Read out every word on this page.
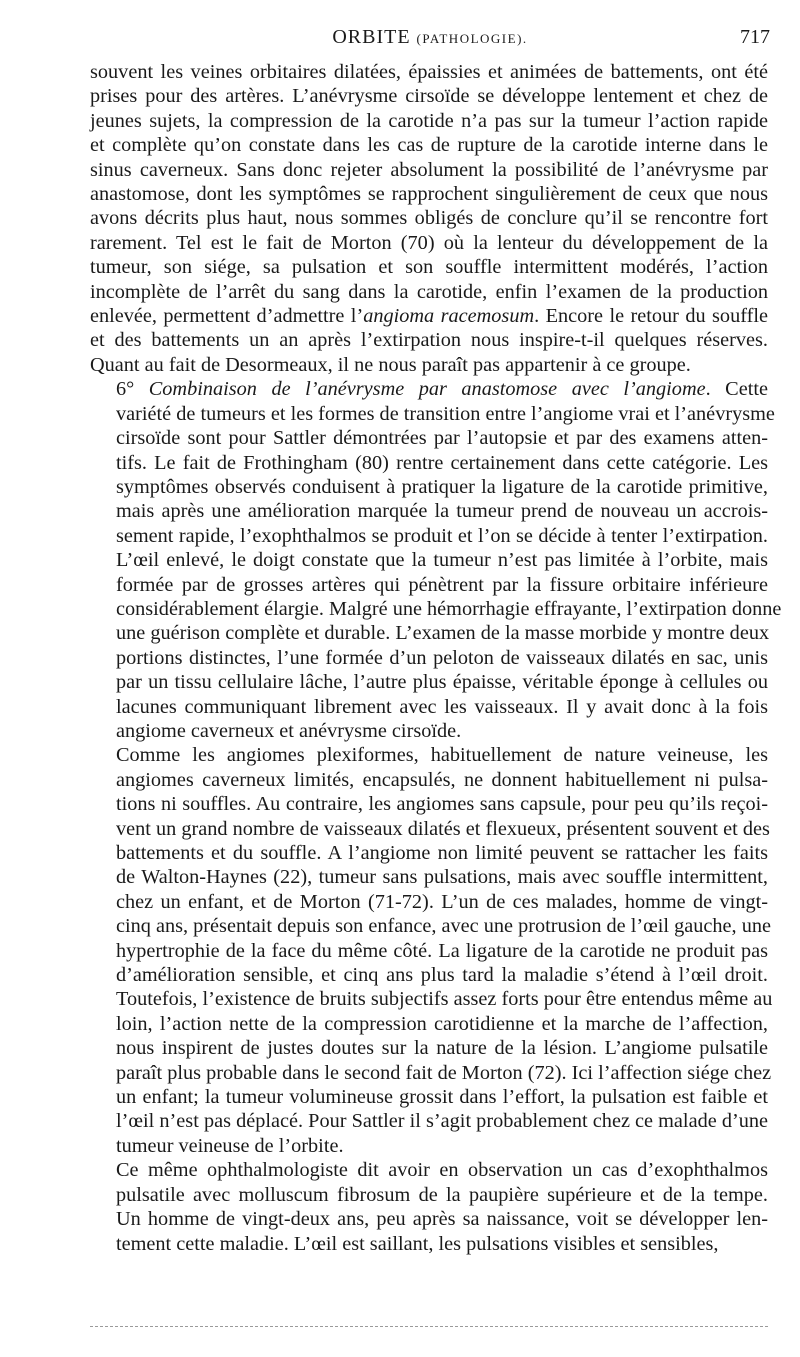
ORBITE (PATHOLOGIE).	717

souvent les veines orbitaires dilatées, épaissies et animées de battements, ont été
prises pour des artères. L’anévrysme cirsoïde se développe lentement et chez de
jeunes sujets, la compression de la carotide n’a pas sur la tumeur l’action rapide
et complète qu’on constate dans les cas de rupture de la carotide interne dans le
sinus caverneux. Sans donc rejeter absolument la possibilité de l’anévrysme par
anastomose, dont les symptômes se rapprochent singulièrement de ceux que nous
avons décrits plus haut, nous sommes obligés de conclure qu’il se rencontre fort
rarement. Tel est le fait de Morton (70) où la lenteur du développement de la
tumeur, son siége, sa pulsation et son souffle intermittent modérés, l’action
incomplète de l’arrêt du sang dans la carotide, enfin l’examen de la production
enlevée, permettent d’admettre l’angioma racemosum. Encore le retour du souffle
et des battements un an après l’extirpation nous inspire-t-il quelques réserves.
Quant au fait de Desormeaux, il ne nous paraît pas appartenir à ce groupe.

6° Combinaison de l’anévrysme par anastomose avec l’angiome. Cette
variété de tumeurs et les formes de transition entre l’angiome vrai et l’anévrysme
cirsoïde sont pour Sattler démontrées par l’autopsie et par des examens atten-
tifs. Le fait de Frothingham (80) rentre certainement dans cette catégorie. Les
symptômes observés conduisent à pratiquer la ligature de la carotide primitive,
mais après une amélioration marquée la tumeur prend de nouveau un accrois-
sement rapide, l’exophthalmos se produit et l’on se décide à tenter l’extirpation.
L’œil enlevé, le doigt constate que la tumeur n’est pas limitée à l’orbite, mais
formée par de grosses artères qui pénètrent par la fissure orbitaire inférieure
considérablement élargie. Malgré une hémorrhagie effrayante, l’extirpation donne
une guérison complète et durable. L’examen de la masse morbide y montre deux
portions distinctes, l’une formée d’un peloton de vaisseaux dilatés en sac, unis
par un tissu cellulaire lâche, l’autre plus épaisse, véritable éponge à cellules ou
lacunes communiquant librement avec les vaisseaux. Il y avait donc à la fois
angiome caverneux et anévrysme cirsoïde.

Comme les angiomes plexiformes, habituellement de nature veineuse, les
angiomes caverneux limités, encapsulés, ne donnent habituellement ni pulsa-
tions ni souffles. Au contraire, les angiomes sans capsule, pour peu qu’ils reçoi-
vent un grand nombre de vaisseaux dilatés et flexueux, présentent souvent et des
battements et du souffle. A l’angiome non limité peuvent se rattacher les faits
de Walton-Haynes (22), tumeur sans pulsations, mais avec souffle intermittent,
chez un enfant, et de Morton (71-72). L’un de ces malades, homme de vingt-
cinq ans, présentait depuis son enfance, avec une protrusion de l’œil gauche, une
hypertrophie de la face du même côté. La ligature de la carotide ne produit pas
d’amélioration sensible, et cinq ans plus tard la maladie s’étend à l’œil droit.
Toutefois, l’existence de bruits subjectifs assez forts pour être entendus même au
loin, l’action nette de la compression carotidienne et la marche de l’affection,
nous inspirent de justes doutes sur la nature de la lésion. L’angiome pulsatile
paraît plus probable dans le second fait de Morton (72). Ici l’affection siége chez
un enfant; la tumeur volumineuse grossit dans l’effort, la pulsation est faible et
l’œil n’est pas déplacé. Pour Sattler il s’agit probablement chez ce malade d’une
tumeur veineuse de l’orbite.

Ce même ophthalmologiste dit avoir en observation un cas d’exophthalmos
pulsatile avec molluscum fibrosum de la paupière supérieure et de la tempe.
Un homme de vingt-deux ans, peu après sa naissance, voit se développer len-
tement cette maladie. L’œil est saillant, les pulsations visibles et sensibles,
